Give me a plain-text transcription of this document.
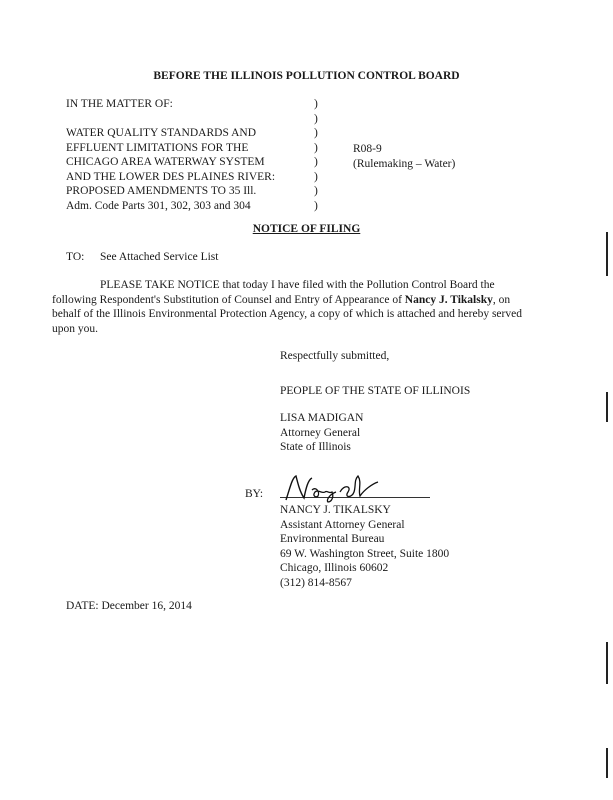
BEFORE THE ILLINOIS POLLUTION CONTROL BOARD
IN THE MATTER OF:
WATER QUALITY STANDARDS AND
EFFLUENT LIMITATIONS FOR THE
CHICAGO AREA WATERWAY SYSTEM
AND THE LOWER DES PLAINES RIVER:
PROPOSED AMENDMENTS TO 35 Ill.
Adm. Code Parts 301, 302, 303 and 304
)
)
)
)
)
)
)
)
R08-9
(Rulemaking – Water)
NOTICE OF FILING
TO: See Attached Service List
PLEASE TAKE NOTICE that today I have filed with the Pollution Control Board the following Respondent's Substitution of Counsel and Entry of Appearance of Nancy J. Tikalsky, on behalf of the Illinois Environmental Protection Agency, a copy of which is attached and hereby served upon you.
Respectfully submitted,
PEOPLE OF THE STATE OF ILLINOIS
LISA MADIGAN
Attorney General
State of Illinois
BY:
NANCY J. TIKALSKY
Assistant Attorney General
Environmental Bureau
69 W. Washington Street, Suite 1800
Chicago, Illinois 60602
(312) 814-8567
DATE: December 16, 2014
